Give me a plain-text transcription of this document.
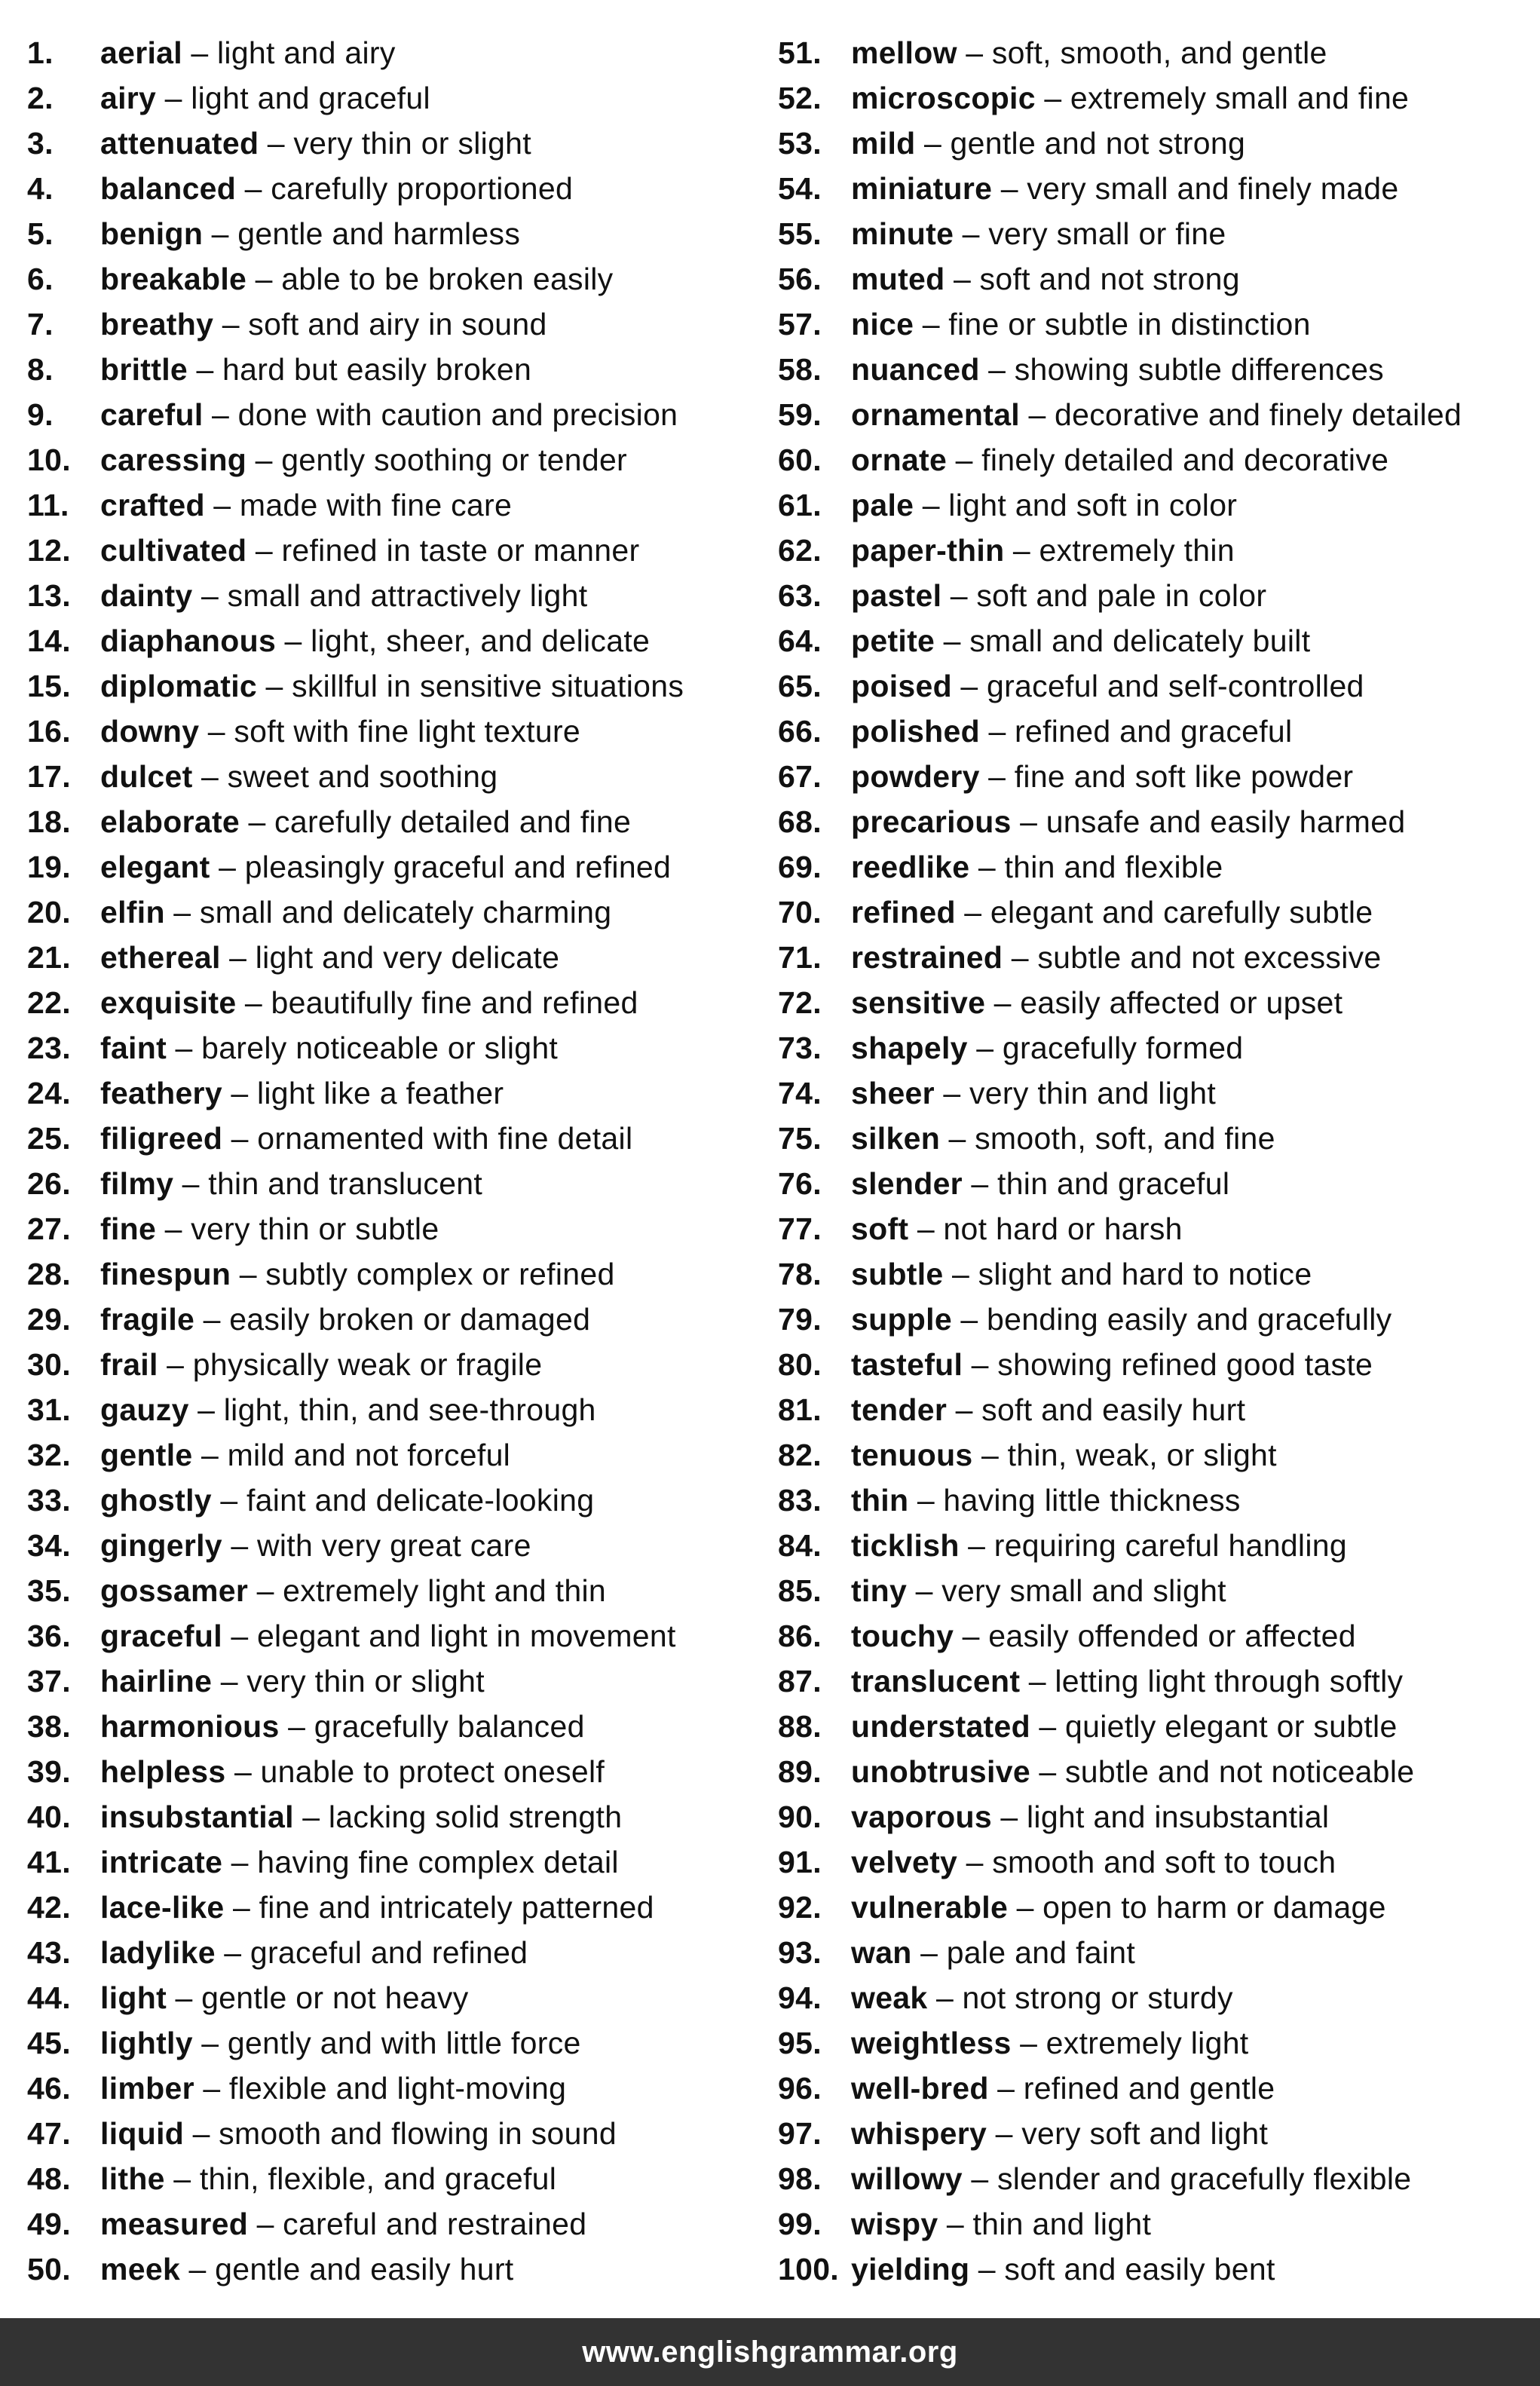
1.	aerial – light and airy
2.	airy – light and graceful
3.	attenuated – very thin or slight
4.	balanced – carefully proportioned
5.	benign – gentle and harmless
6.	breakable – able to be broken easily
7.	breathy – soft and airy in sound
8.	brittle – hard but easily broken
9.	careful – done with caution and precision
10. caressing – gently soothing or tender
11.	crafted – made with fine care
12. cultivated – refined in taste or manner
13. dainty – small and attractively light
14. diaphanous – light, sheer, and delicate
15. diplomatic – skillful in sensitive situations
16. downy – soft with fine light texture
17. dulcet – sweet and soothing
18. elaborate – carefully detailed and fine
19. elegant – pleasingly graceful and refined
20. elfin – small and delicately charming
21. ethereal – light and very delicate
22. exquisite – beautifully fine and refined
23. faint – barely noticeable or slight
24. feathery – light like a feather
25. filigreed – ornamented with fine detail
26. filmy – thin and translucent
27. fine – very thin or subtle
28. finespun – subtly complex or refined
29. fragile – easily broken or damaged
30. frail – physically weak or fragile
31. gauzy – light, thin, and see-through
32. gentle – mild and not forceful
33. ghostly – faint and delicate-looking
34. gingerly – with very great care
35. gossamer – extremely light and thin
36. graceful – elegant and light in movement
37. hairline – very thin or slight
38. harmonious – gracefully balanced
39. helpless – unable to protect oneself
40. insubstantial – lacking solid strength
41. intricate – having fine complex detail
42. lace-like – fine and intricately patterned
43. ladylike – graceful and refined
44. light – gentle or not heavy
45. lightly – gently and with little force
46. limber – flexible and light-moving
47. liquid – smooth and flowing in sound
48. lithe – thin, flexible, and graceful
49. measured – careful and restrained
50. meek – gentle and easily hurt
51. mellow – soft, smooth, and gentle
52. microscopic – extremely small and fine
53. mild – gentle and not strong
54. miniature – very small and finely made
55. minute – very small or fine
56. muted – soft and not strong
57. nice – fine or subtle in distinction
58. nuanced – showing subtle differences
59. ornamental – decorative and finely detailed
60. ornate – finely detailed and decorative
61. pale – light and soft in color
62. paper-thin – extremely thin
63. pastel – soft and pale in color
64. petite – small and delicately built
65. poised – graceful and self-controlled
66. polished – refined and graceful
67. powdery – fine and soft like powder
68. precarious – unsafe and easily harmed
69. reedlike – thin and flexible
70. refined – elegant and carefully subtle
71. restrained – subtle and not excessive
72. sensitive – easily affected or upset
73. shapely – gracefully formed
74. sheer – very thin and light
75. silken – smooth, soft, and fine
76. slender – thin and graceful
77. soft – not hard or harsh
78. subtle – slight and hard to notice
79. supple – bending easily and gracefully
80. tasteful – showing refined good taste
81. tender – soft and easily hurt
82. tenuous – thin, weak, or slight
83. thin – having little thickness
84. ticklish – requiring careful handling
85. tiny – very small and slight
86. touchy – easily offended or affected
87. translucent – letting light through softly
88. understated – quietly elegant or subtle
89. unobtrusive – subtle and not noticeable
90. vaporous – light and insubstantial
91. velvety – smooth and soft to touch
92. vulnerable – open to harm or damage
93. wan – pale and faint
94. weak – not strong or sturdy
95. weightless – extremely light
96. well-bred – refined and gentle
97. whispery – very soft and light
98. willowy – slender and gracefully flexible
99. wispy – thin and light
100. yielding – soft and easily bent
www.englishgrammar.org
